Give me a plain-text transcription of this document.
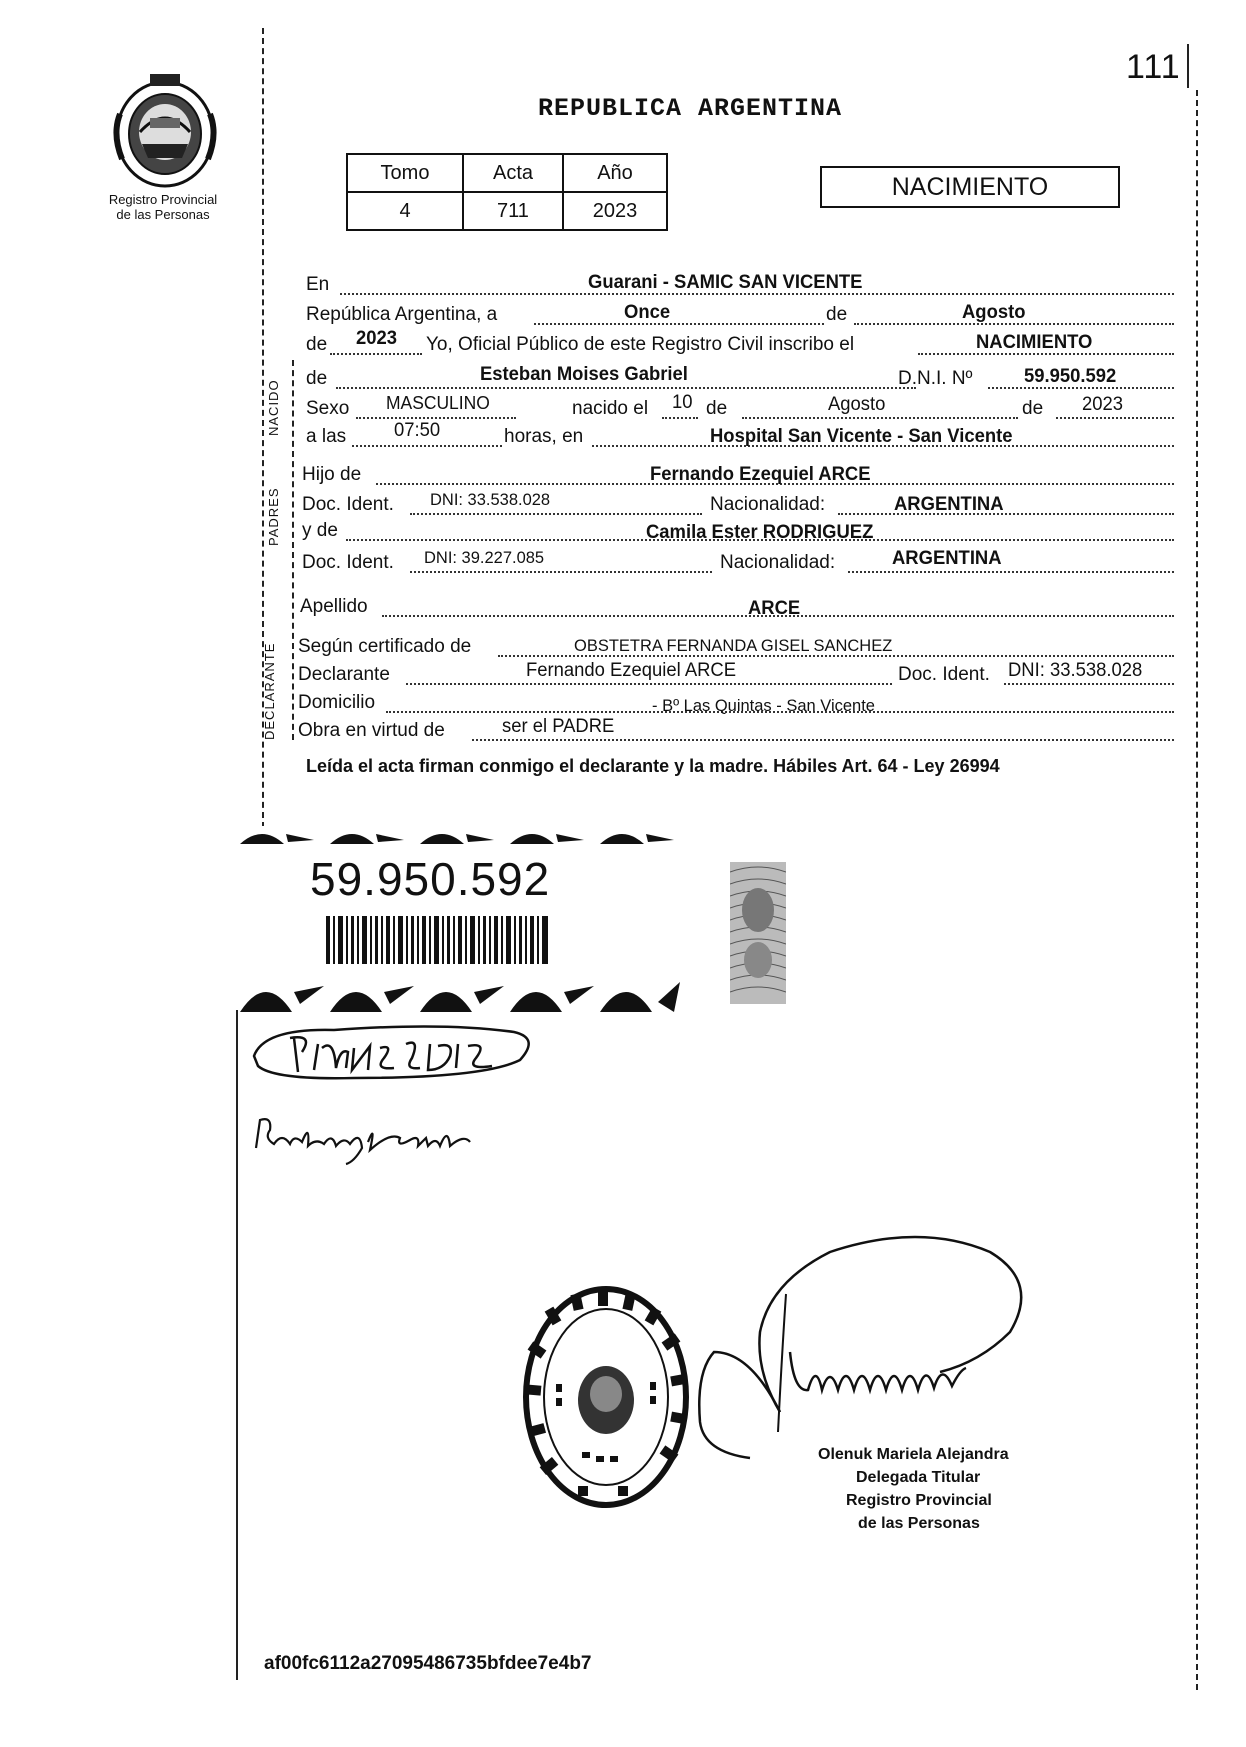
111
REPUBLICA ARGENTINA
Registro Provincial
de las Personas
Tomo	Acta	Año
4	711	2023
NACIMIENTO
NACIDO
PADRES
DECLARANTE
En	Guarani - SAMIC SAN VICENTE
República Argentina, a	Once	de	Agosto
de 2023 Yo, Oficial Público de este Registro Civil inscribo el	NACIMIENTO
de	Esteban Moises Gabriel	D.N.I. Nº	59.950.592
Sexo MASCULINO	nacido el 10 de	Agosto	de 2023
a las	07:50	horas, en	Hospital San Vicente - San Vicente
Hijo de	Fernando Ezequiel ARCE
Doc. Ident. DNI: 33.538.028	Nacionalidad:	ARGENTINA
y de	Camila Ester RODRIGUEZ
Doc. Ident. DNI: 39.227.085	Nacionalidad:	ARGENTINA
Apellido	ARCE
Según certificado de	OBSTETRA FERNANDA GISEL SANCHEZ
Declarante	Fernando Ezequiel ARCE	Doc. Ident. DNI: 33.538.028
Domicilio	- Bº Las Quintas - San Vicente
Obra en virtud de	ser el PADRE
Leída el acta firman conmigo el declarante y la madre. Hábiles Art. 64 - Ley 26994
59.950.592
Olenuk Mariela Alejandra
Delegada Titular
Registro Provincial
de las Personas
af00fc6112a27095486735bfdee7e4b7
